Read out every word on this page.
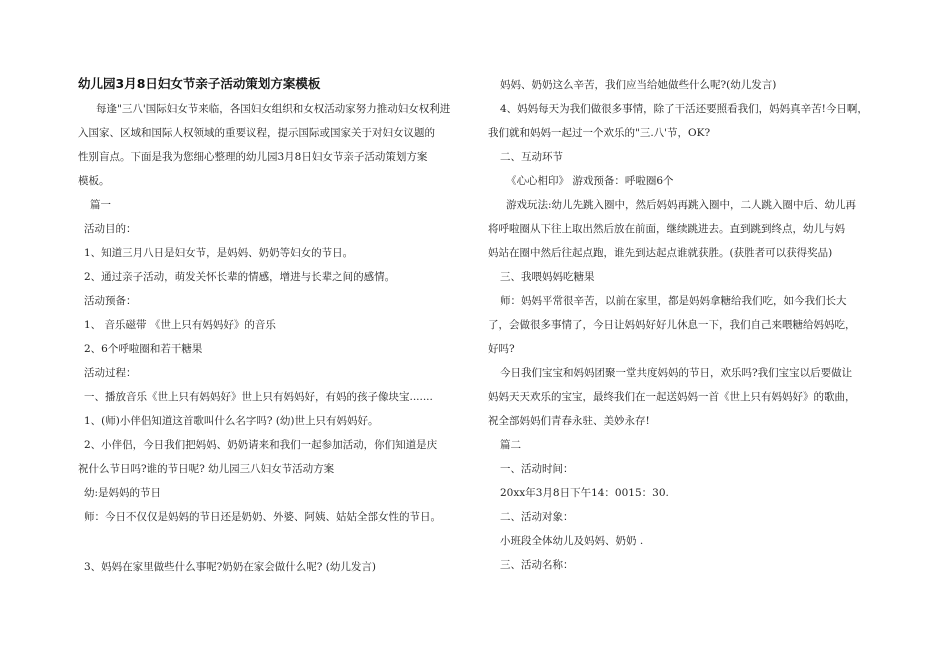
幼儿园3月8日妇女节亲子活动策划方案模板
每逢"三八'国际妇女节来临，各国妇女组织和女权活动家努力推动妇女权利进
入国家、区域和国际人权领域的重要议程，提示国际或国家关于对妇女议题的
性别盲点。下面是我为您细心整理的幼儿园3月8日妇女节亲子活动策划方案
模板。
篇一
活动目的：
1、知道三月八日是妇女节，是妈妈、奶奶等妇女的节日。
2、通过亲子活动，萌发关怀长辈的情感，增进与长辈之间的感情。
活动预备：
1、 音乐磁带 《世上只有妈妈好》的音乐
2、6个呼啦圈和若干糖果
活动过程：
一、播放音乐《世上只有妈妈好》世上只有妈妈好，有妈的孩子像块宝.......
1、(师)小伴侣知道这首歌叫什么名字吗? (幼)世上只有妈妈好。
2、小伴侣，今日我们把妈妈、奶奶请来和我们一起参加活动，你们知道是庆
祝什么节日吗?谁的节日呢? 幼儿园三八妇女节活动方案
幼:是妈妈的节日
师：今日不仅仅是妈妈的节日还是奶奶、外婆、阿姨、姑姑全部女性的节日。
3、妈妈在家里做些什么事呢?奶奶在家会做什么呢? (幼儿发言)
妈妈、奶奶这么辛苦，我们应当给她做些什么呢?(幼儿发言)
4、妈妈每天为我们做很多事情，除了干活还要照看我们，妈妈真辛苦!今日啊，
我们就和妈妈一起过一个欢乐的"三.八'节，OK?
二、互动环节
《心心相印》 游戏预备：呼啦圈6个
游戏玩法:幼儿先跳入圈中，然后妈妈再跳入圈中，二人跳入圈中后、幼儿再
将呼啦圈从下往上取出然后放在前面，继续跳进去。直到跳到终点，幼儿与妈
妈站在圈中然后往起点跑，谁先到达起点谁就获胜。(获胜者可以获得奖品)
三、我喂妈妈吃糖果
师：妈妈平常很辛苦，以前在家里，都是妈妈拿糖给我们吃，如今我们长大
了，会做很多事情了，今日让妈妈好好儿休息一下，我们自己来喂糖给妈妈吃，
好吗?
今日我们宝宝和妈妈团聚一堂共度妈妈的节日，欢乐吗?我们宝宝以后要做让
妈妈天天欢乐的宝宝，最终我们在一起送妈妈一首《世上只有妈妈好》的歌曲，
祝全部妈妈们青春永驻、美妙永存!
篇二
一、活动时间：
20xx年3月8日下午14：0015：30.
二、活动对象：
小班段全体幼儿及妈妈、奶奶 .
三、活动名称：
